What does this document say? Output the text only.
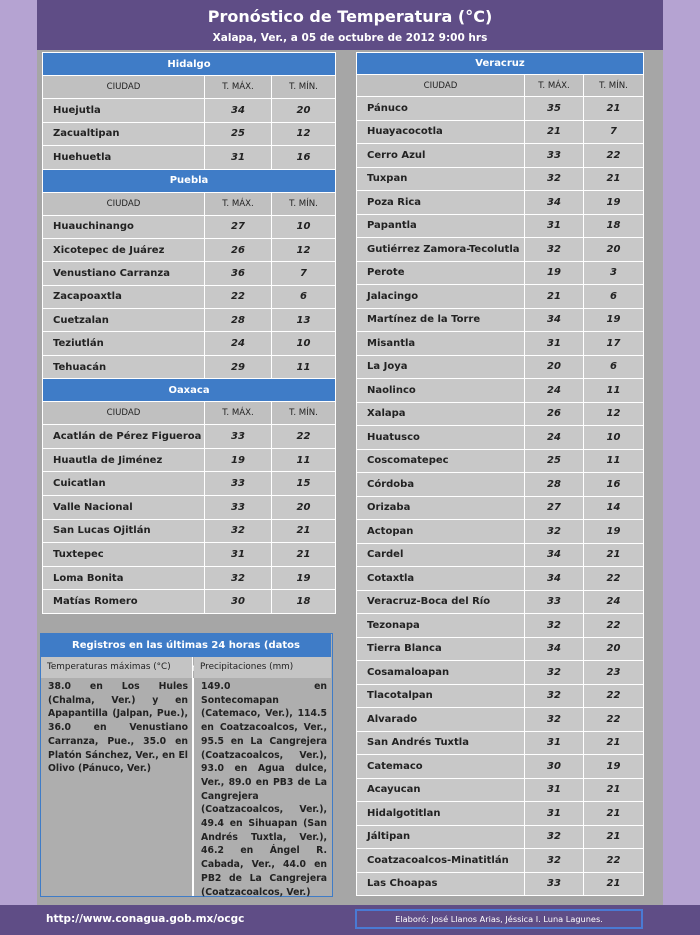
Pronóstico de Temperatura (°C)
Xalapa, Ver., a 05 de octubre de 2012 9:00 hrs
Hidalgo		
CIUDAD	T. MÁX.	T. MÍN.
Huejutla	34	20
Zacualtipan	25	12
Huehuetla	31	16
Puebla		
CIUDAD	T. MÁX.	T. MÍN.
Huauchinango	27	10
Xicotepec de Juárez	26	12
Venustiano Carranza	36	7
Zacapoaxtla	22	6
Cuetzalan	28	13
Teziutlán	24	10
Tehuacán	29	11
Oaxaca		
CIUDAD	T. MÁX.	T. MÍN.
Acatlán de Pérez Figueroa	33	22
Huautla de Jiménez	19	11
Cuicatlan	33	15
Valle Nacional	33	20
San Lucas Ojitlán	32	21
Tuxtepec	31	21
Loma Bonita	32	19
Matías Romero	30	18
Veracruz		
CIUDAD	T. MÁX.	T. MÍN.
Pánuco	35	21
Huayacocotla	21	7
Cerro Azul	33	22
Tuxpan	32	21
Poza Rica	34	19
Papantla	31	18
Gutiérrez Zamora-Tecolutla	32	20
Perote	19	3
Jalacingo	21	6
Martínez de la Torre	34	19
Misantla	31	17
La Joya	20	6
Naolinco	24	11
Xalapa	26	12
Huatusco	24	10
Coscomatepec	25	11
Córdoba	28	16
Orizaba	27	14
Actopan	32	19
Cardel	34	21
Cotaxtla	34	22
Veracruz-Boca del Río	33	24
Tezonapa	32	22
Tierra Blanca	34	20
Cosamaloapan	32	23
Tlacotalpan	32	22
Alvarado	32	22
San Andrés Tuxtla	31	21
Catemaco	30	19
Acayucan	31	21
Hidalgotitlan	31	21
Jáltipan	32	21
Coatzacoalcos-Minatitlán	32	22
Las Choapas	33	21
Registros en las últimas 24 horas (datos
Temperaturas máximas (°C)	Precipitaciones (mm)
38.0 en Los Hules (Chalma, Ver.) y en Apapantilla (Jalpan, Pue.), 36.0 en Venustiano Carranza, Pue., 35.0 en Platón Sánchez, Ver., en El Olivo (Pánuco, Ver.)
149.0 en Sontecomapan (Catemaco, Ver.), 114.5 en Coatzacoalcos, Ver., 95.5 en La Cangrejera (Coatzacoalcos, Ver.), 93.0 en Agua dulce, Ver., 89.0 en PB3 de La Cangrejera (Coatzacoalcos, Ver.), 49.4 en Sihuapan (San Andrés Tuxtla, Ver.), 46.2 en Ángel R. Cabada, Ver., 44.0 en PB2 de La Cangrejera (Coatzacoalcos, Ver.)
http://www.conagua.gob.mx/ocgc	Elaboró: José Llanos Arias, Jéssica I. Luna Lagunes.
